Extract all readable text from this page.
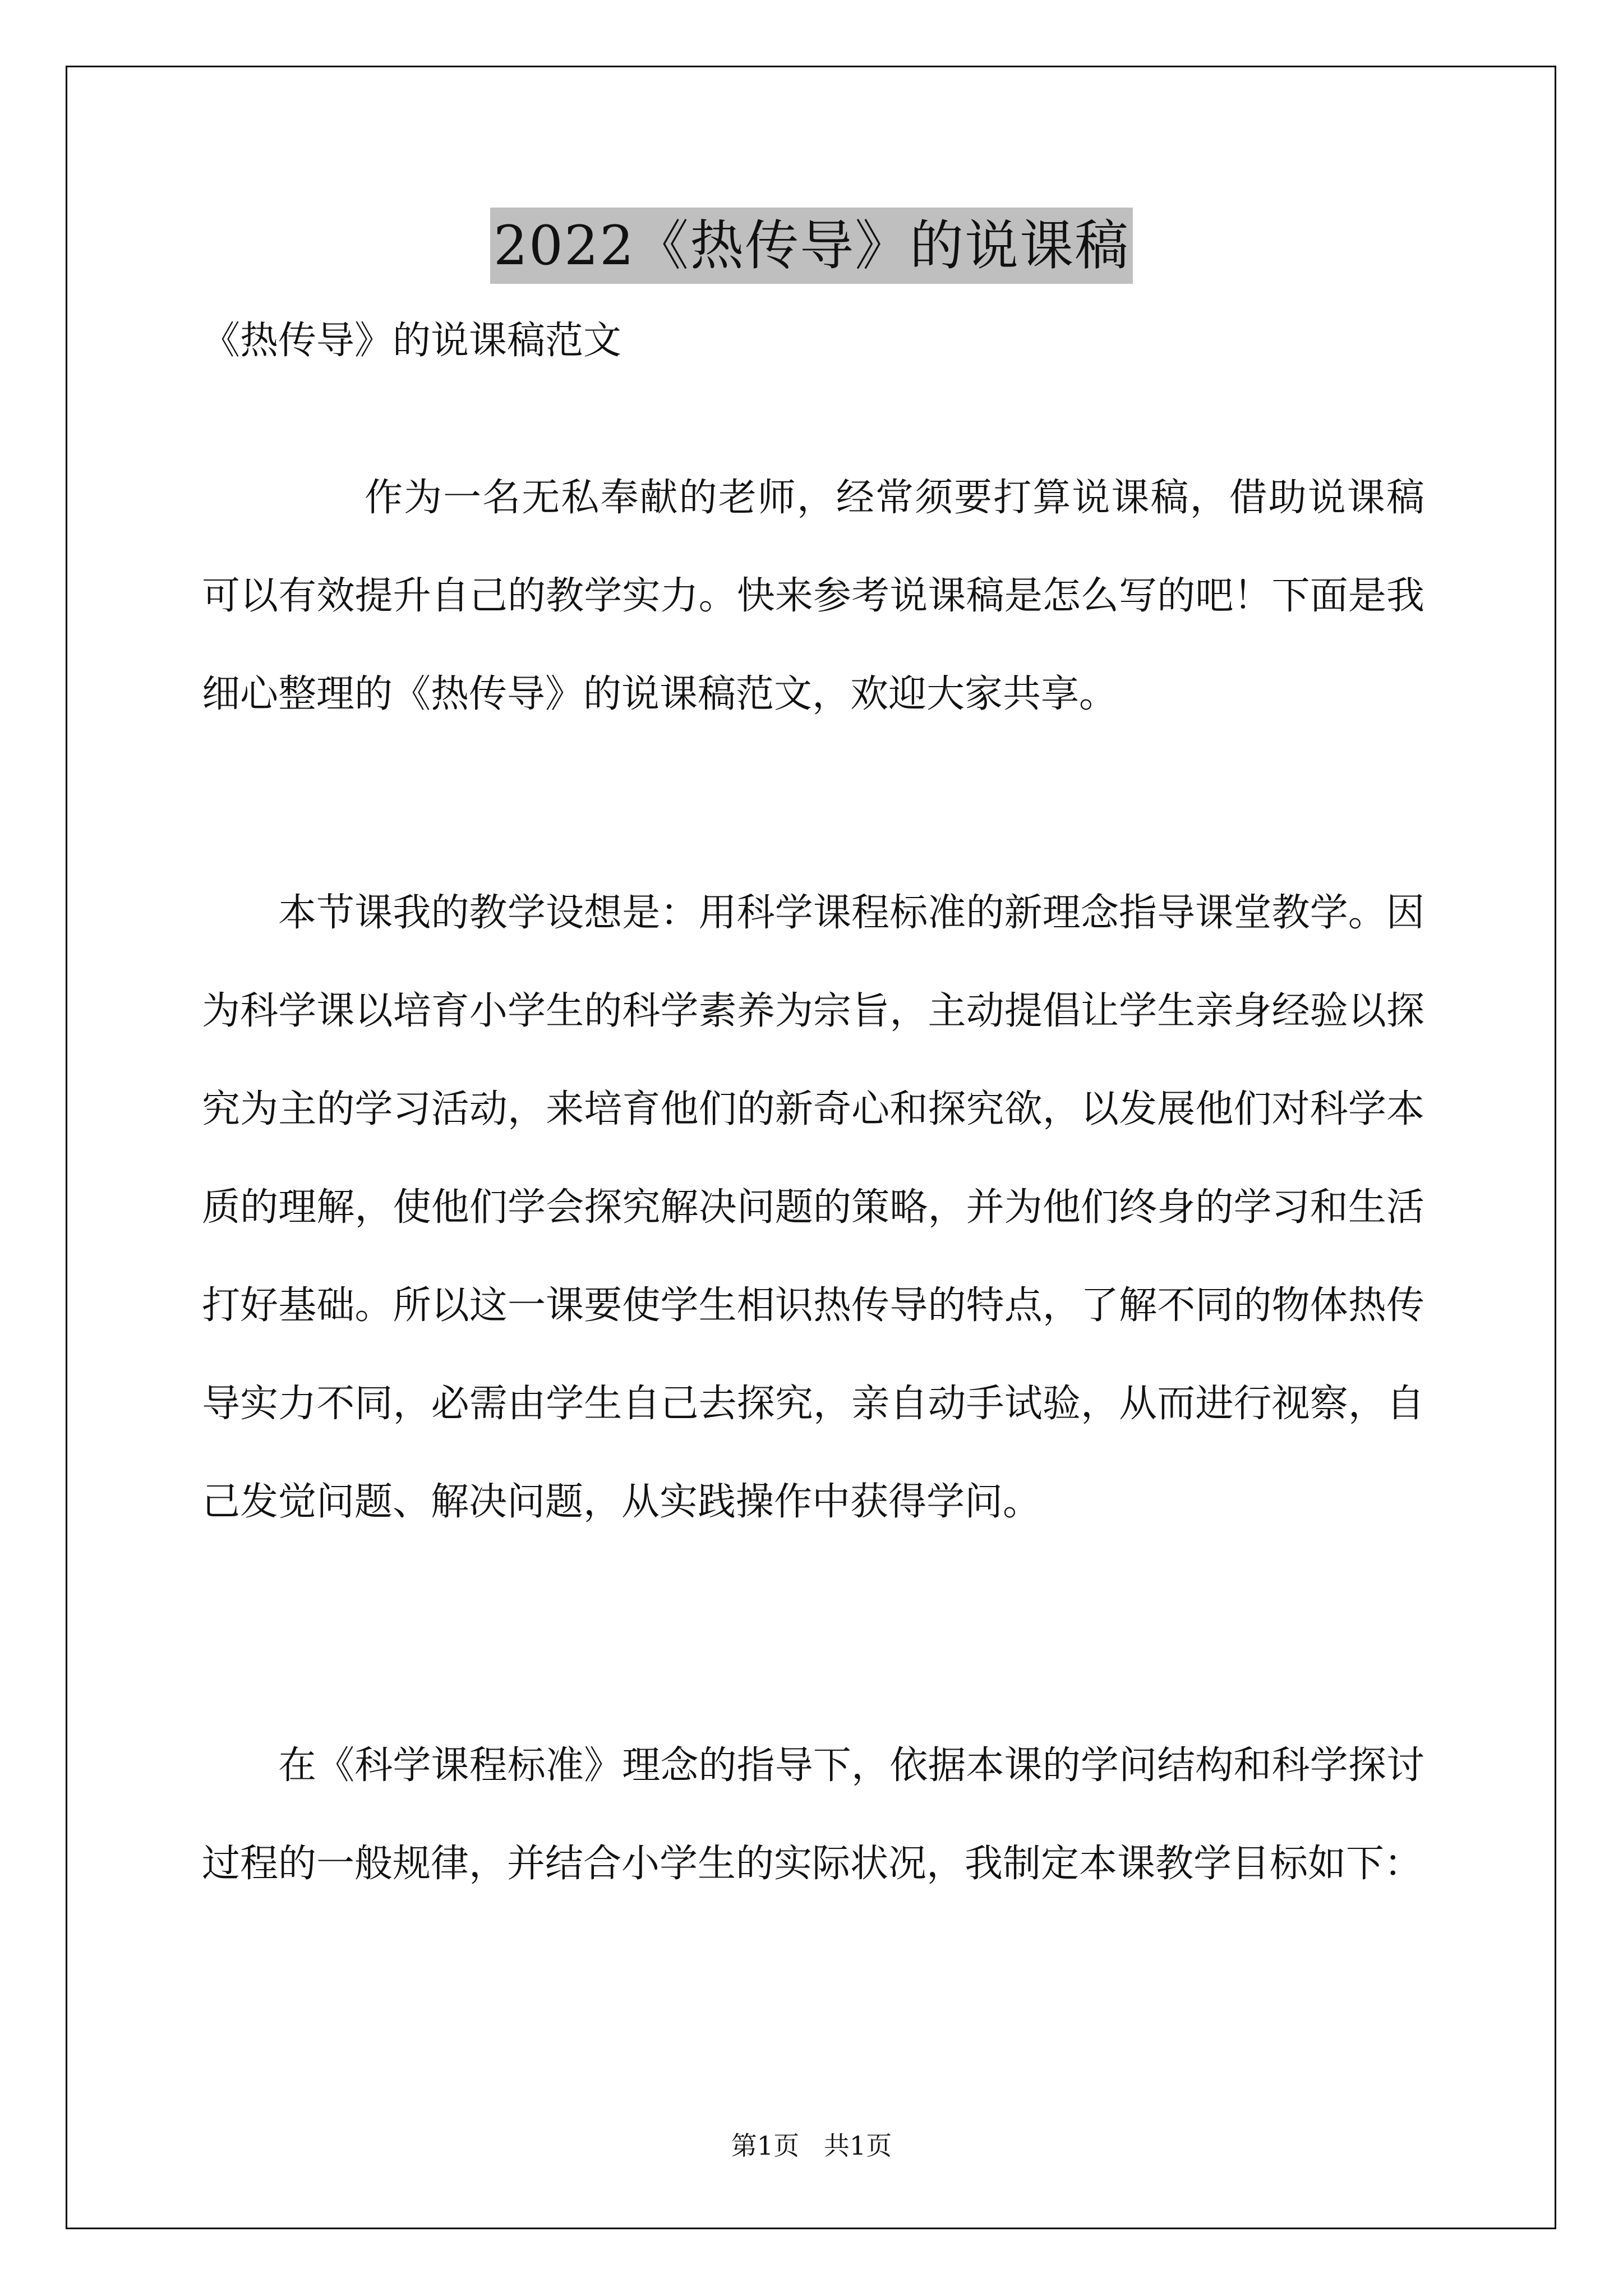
2022《热传导》的说课稿

《热传导》的说课稿范文

作为一名无私奉献的老师，经常须要打算说课稿，借助说课稿可以有效提升自己的教学实力。快来参考说课稿是怎么写的吧！下面是我细心整理的《热传导》的说课稿范文，欢迎大家共享。

本节课我的教学设想是：用科学课程标准的新理念指导课堂教学。因为科学课以培育小学生的科学素养为宗旨，主动提倡让学生亲身经验以探究为主的学习活动，来培育他们的新奇心和探究欲，以发展他们对科学本质的理解，使他们学会探究解决问题的策略，并为他们终身的学习和生活打好基础。所以这一课要使学生相识热传导的特点，了解不同的物体热传导实力不同，必需由学生自己去探究，亲自动手试验，从而进行视察，自己发觉问题、解决问题，从实践操作中获得学问。

在《科学课程标准》理念的指导下，依据本课的学问结构和科学探讨过程的一般规律，并结合小学生的实际状况，我制定本课教学目标如下：

第1页   共1页
